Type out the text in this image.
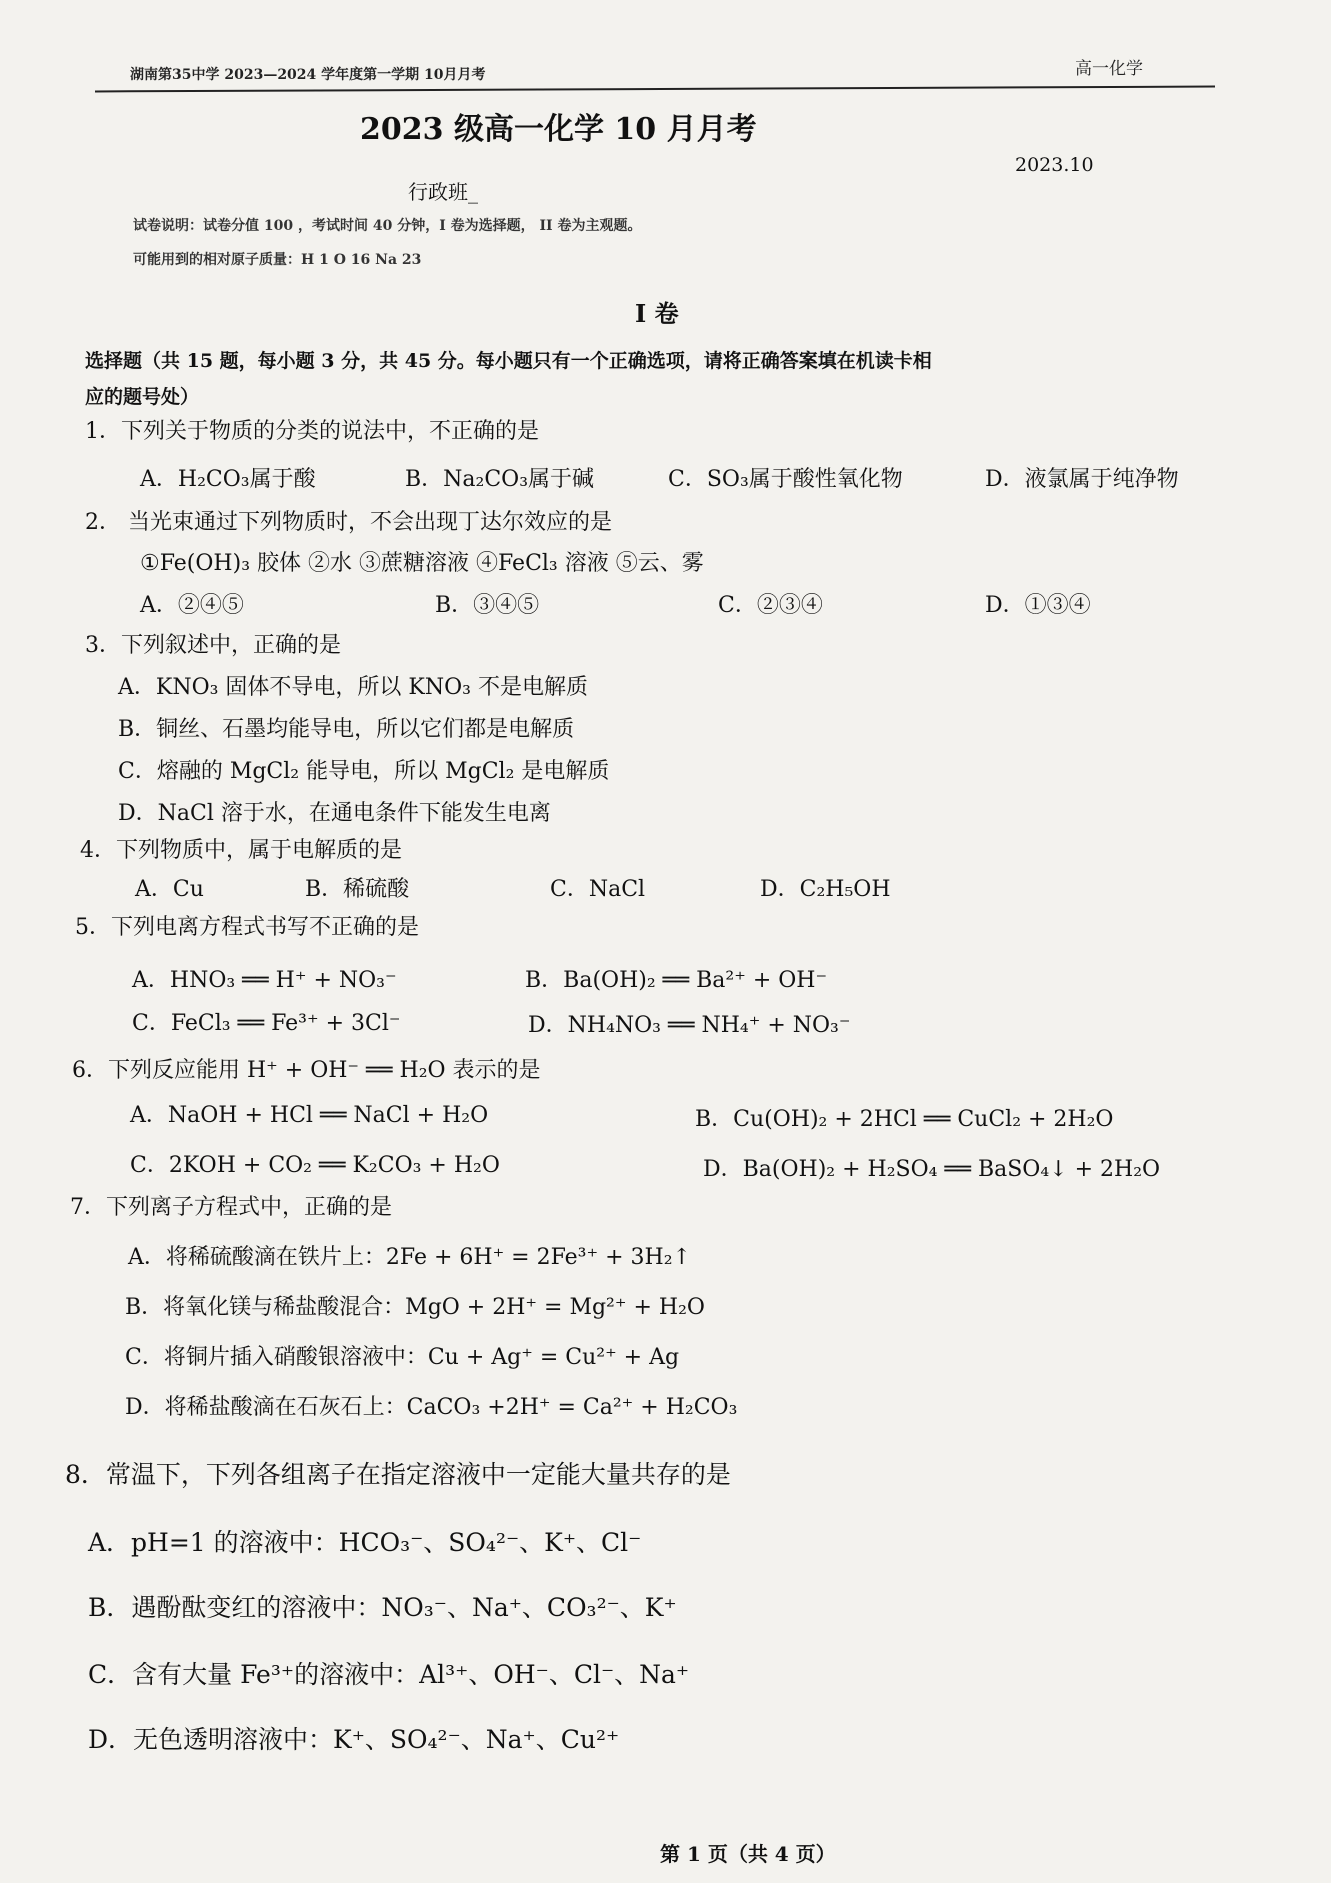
湖南第35中学 2023—2024 学年度第一学期 10月月考	高一化学
2023 级高一化学 10 月月考
2023.10
行政班_
试卷说明：试卷分值 100 ，考试时间 40 分钟，I 卷为选择题， II 卷为主观题。
可能用到的相对原子质量：H 1 O 16 Na 23
I 卷
选择题（共 15 题，每小题 3 分，共 45 分。每小题只有一个正确选项，请将正确答案填在机读卡相
应的题号处）
1．下列关于物质的分类的说法中，不正确的是
A．H₂CO₃属于酸	B．Na₂CO₃属于碱	C．SO₃属于酸性氧化物	D．液氯属于纯净物
2． 当光束通过下列物质时，不会出现丁达尔效应的是
①Fe(OH)₃ 胶体 ②水 ③蔗糖溶液 ④FeCl₃ 溶液 ⑤云、雾
A．②④⑤	B．③④⑤	C．②③④	D．①③④
3．下列叙述中，正确的是
A．KNO₃ 固体不导电，所以 KNO₃ 不是电解质
B．铜丝、石墨均能导电，所以它们都是电解质
C．熔融的 MgCl₂ 能导电，所以 MgCl₂ 是电解质
D．NaCl 溶于水，在通电条件下能发生电离
4．下列物质中，属于电解质的是
A．Cu	B．稀硫酸	C．NaCl	D．C₂H₅OH
5．下列电离方程式书写不正确的是
A．HNO₃ ══ H⁺ + NO₃⁻	B．Ba(OH)₂ ══ Ba²⁺ + OH⁻
C．FeCl₃ ══ Fe³⁺ + 3Cl⁻	D．NH₄NO₃ ══ NH₄⁺ + NO₃⁻
6．下列反应能用 H⁺ + OH⁻ ══ H₂O 表示的是
A．NaOH + HCl ══ NaCl + H₂O	B．Cu(OH)₂ + 2HCl ══ CuCl₂ + 2H₂O
C．2KOH + CO₂ ══ K₂CO₃ + H₂O	D．Ba(OH)₂ + H₂SO₄ ══ BaSO₄↓ + 2H₂O
7．下列离子方程式中，正确的是
A．将稀硫酸滴在铁片上：2Fe + 6H⁺ = 2Fe³⁺ + 3H₂↑
B．将氧化镁与稀盐酸混合：MgO + 2H⁺ = Mg²⁺ + H₂O
C．将铜片插入硝酸银溶液中：Cu + Ag⁺ = Cu²⁺ + Ag
D．将稀盐酸滴在石灰石上：CaCO₃ +2H⁺ = Ca²⁺ + H₂CO₃
8．常温下，下列各组离子在指定溶液中一定能大量共存的是
A．pH=1 的溶液中：HCO₃⁻、SO₄²⁻、K⁺、Cl⁻
B．遇酚酞变红的溶液中：NO₃⁻、Na⁺、CO₃²⁻、K⁺
C．含有大量 Fe³⁺的溶液中：Al³⁺、OH⁻、Cl⁻、Na⁺
D．无色透明溶液中：K⁺、SO₄²⁻、Na⁺、Cu²⁺
第 1 页（共 4 页）
